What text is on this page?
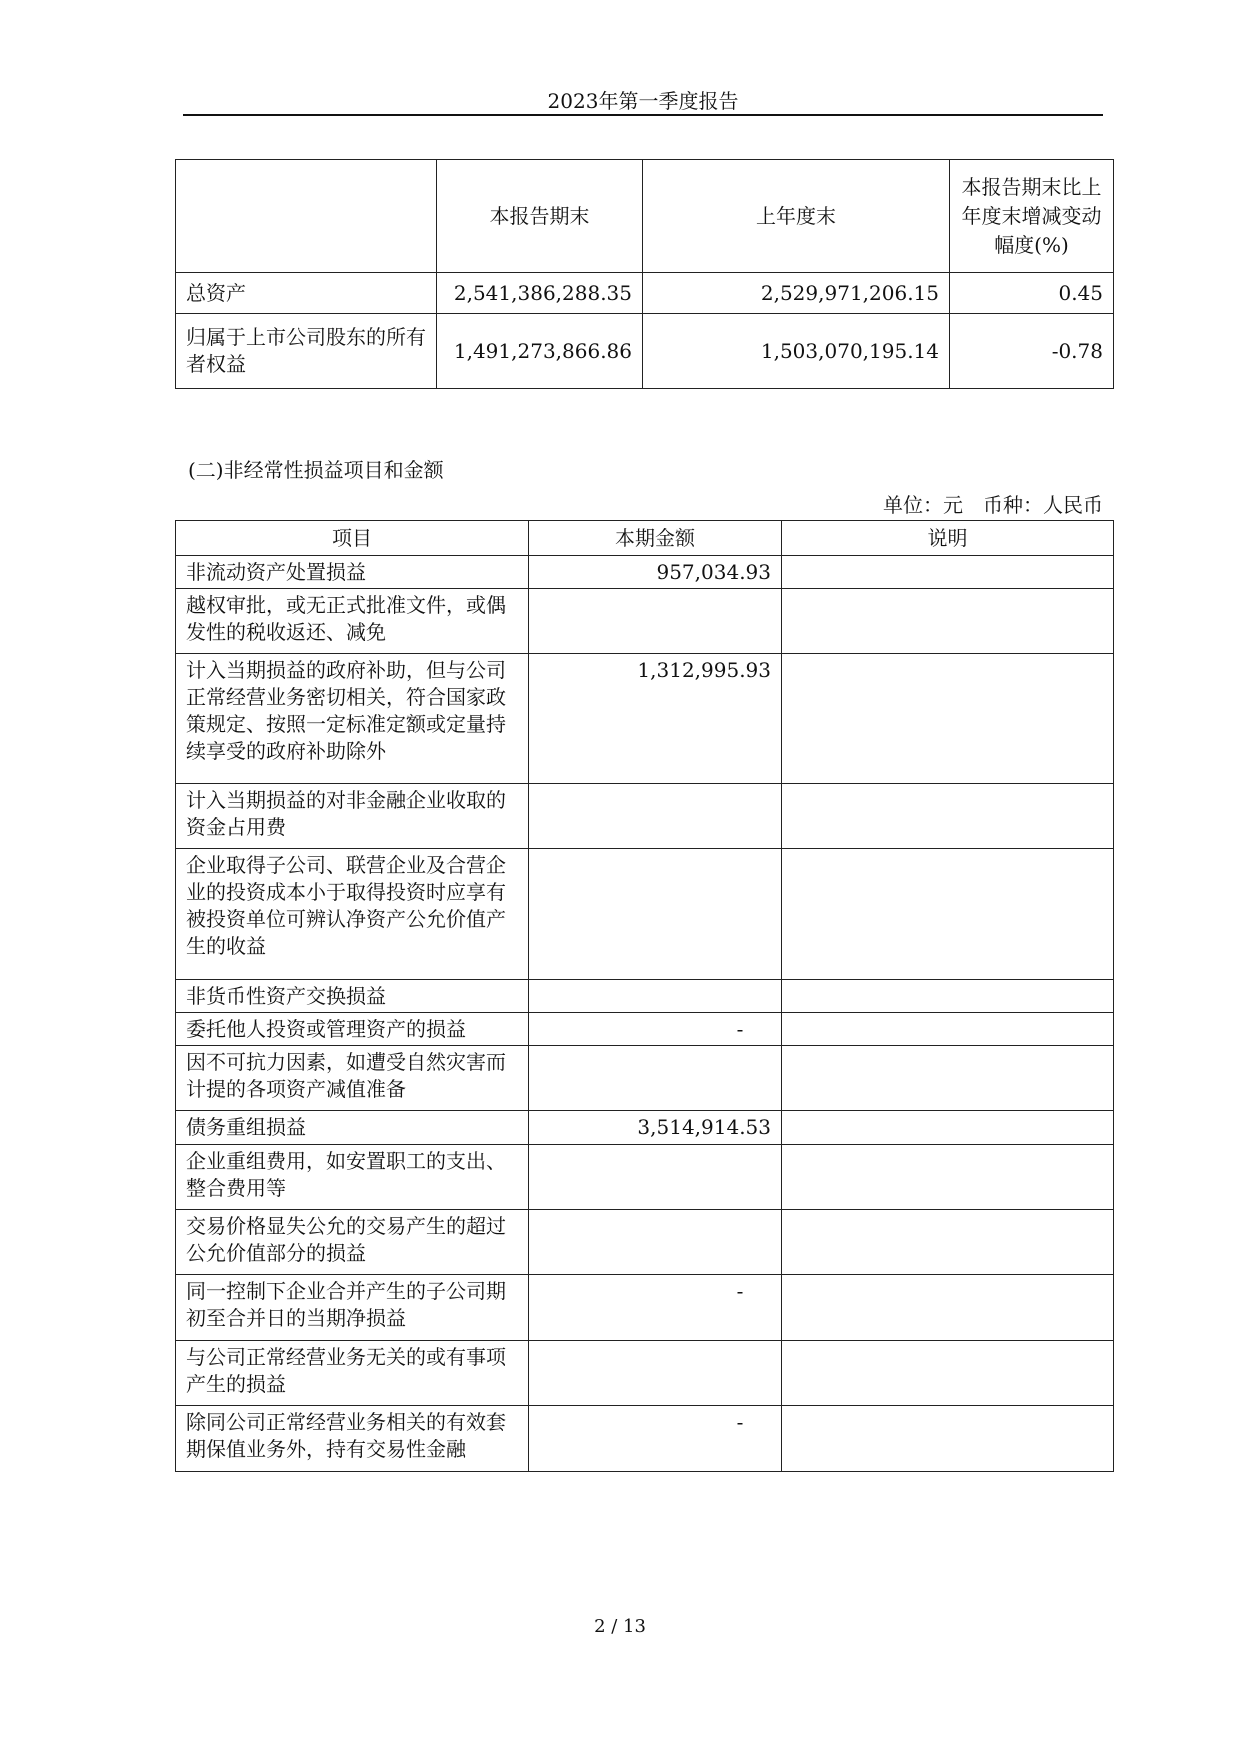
2023年第一季度报告
	本报告期末	上年度末	本报告期末比上年度末增减变动幅度(%)
总资产	2,541,386,288.35	2,529,971,206.15	0.45
归属于上市公司股东的所有者权益	1,491,273,866.86	1,503,070,195.14	-0.78
(二)非经常性损益项目和金额
单位：元　币种：人民币
项目	本期金额	说明
非流动资产处置损益	957,034.93	
越权审批，或无正式批准文件，或偶发性的税收返还、减免		
计入当期损益的政府补助，但与公司正常经营业务密切相关，符合国家政策规定、按照一定标准定额或定量持续享受的政府补助除外	1,312,995.93	
计入当期损益的对非金融企业收取的资金占用费		
企业取得子公司、联营企业及合营企业的投资成本小于取得投资时应享有被投资单位可辨认净资产公允价值产生的收益		
非货币性资产交换损益		
委托他人投资或管理资产的损益	-	
因不可抗力因素，如遭受自然灾害而计提的各项资产减值准备		
债务重组损益	3,514,914.53	
企业重组费用，如安置职工的支出、整合费用等		
交易价格显失公允的交易产生的超过公允价值部分的损益		
同一控制下企业合并产生的子公司期初至合并日的当期净损益	-	
与公司正常经营业务无关的或有事项产生的损益		
除同公司正常经营业务相关的有效套期保值业务外，持有交易性金融	-	
2 / 13
